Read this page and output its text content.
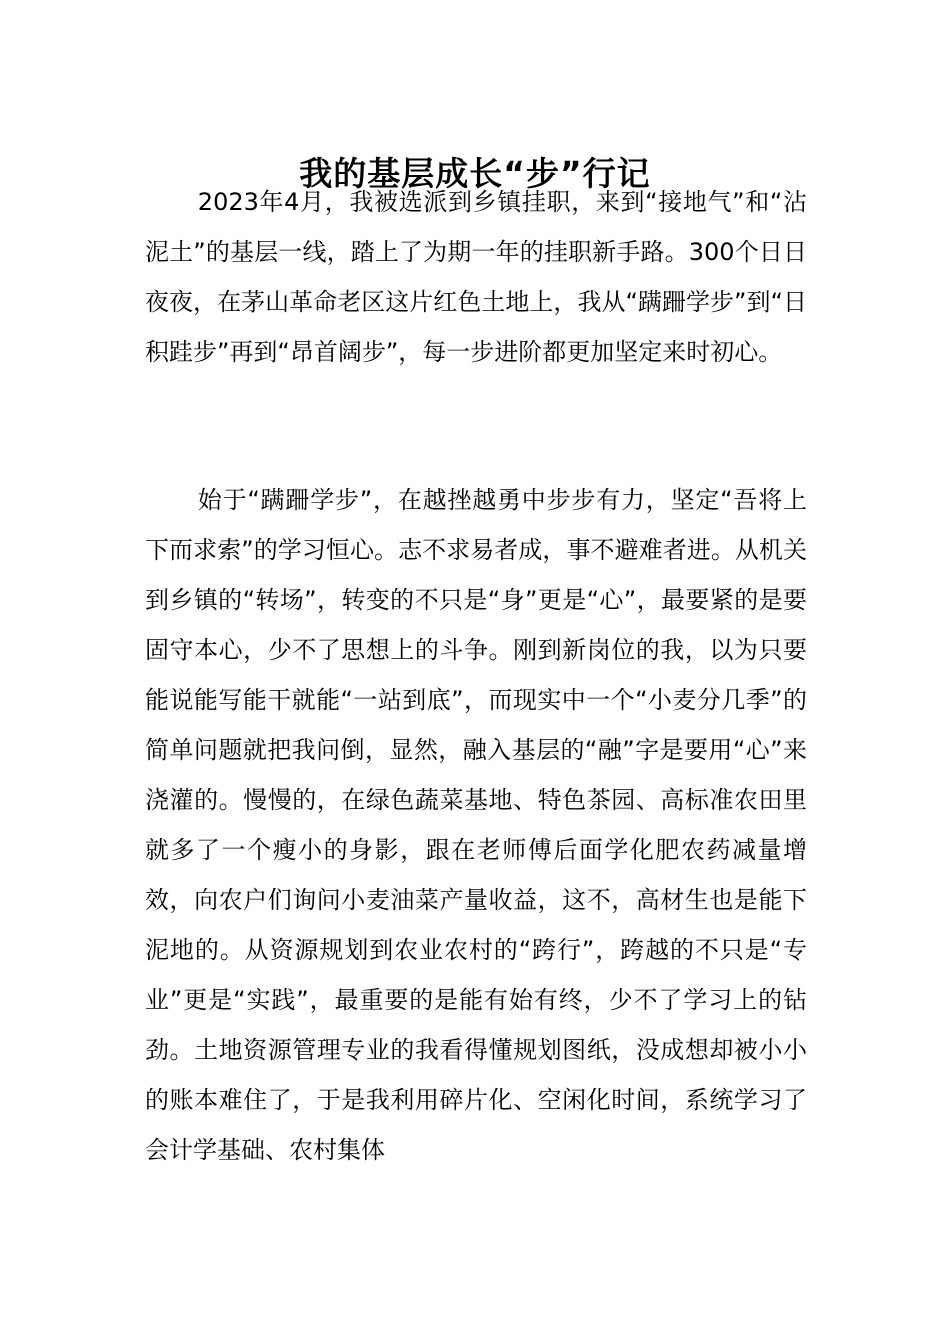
我的基层成长“步”行记

2023年4月，我被选派到乡镇挂职，来到“接地气”和“沾泥土”的基层一线，踏上了为期一年的挂职新手路。300个日日夜夜，在茅山革命老区这片红色土地上，我从“蹒跚学步”到“日积跬步”再到“昂首阔步”，每一步进阶都更加坚定来时初心。

始于“蹒跚学步”，在越挫越勇中步步有力，坚定“吾将上下而求索”的学习恒心。志不求易者成，事不避难者进。从机关到乡镇的“转场”，转变的不只是“身”更是“心”，最要紧的是要固守本心，少不了思想上的斗争。刚到新岗位的我，以为只要能说能写能干就能“一站到底”，而现实中一个“小麦分几季”的简单问题就把我问倒，显然，融入基层的“融”字是要用“心”来浇灌的。慢慢的，在绿色蔬菜基地、特色茶园、高标准农田里就多了一个瘦小的身影，跟在老师傅后面学化肥农药减量增效，向农户们询问小麦油菜产量收益，这不，高材生也是能下泥地的。从资源规划到农业农村的“跨行”，跨越的不只是“专业”更是“实践”，最重要的是能有始有终，少不了学习上的钻劲。土地资源管理专业的我看得懂规划图纸，没成想却被小小的账本难住了，于是我利用碎片化、空闲化时间，系统学习了会计学基础、农村集体
